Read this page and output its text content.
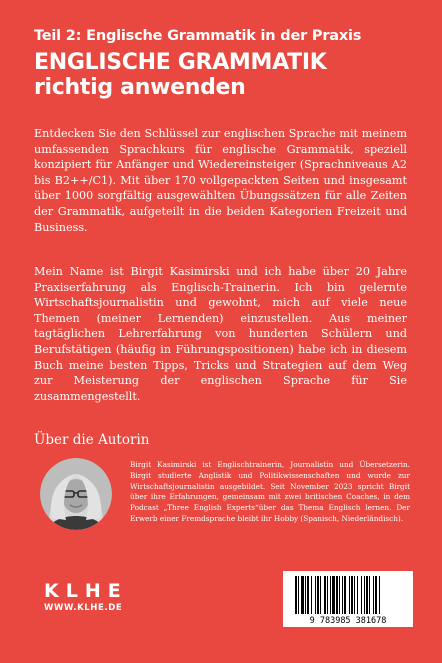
Teil 2: Englische Grammatik in der Praxis
ENGLISCHE GRAMMATIK
richtig anwenden
Entdecken Sie den Schlüssel zur englischen Sprache mit meinem umfassenden Sprachkurs für englische Grammatik, speziell konzipiert für Anfänger und Wiedereinsteiger (Sprachniveaus A2 bis B2++/C1). Mit über 170 vollgepackten Seiten und insgesamt über 1000 sorgfältig ausgewählten Übungssätzen für alle Zeiten der Grammatik, aufgeteilt in die beiden Kategorien Freizeit und Business.
Mein Name ist Birgit Kasimirski und ich habe über 20 Jahre Praxiserfahrung als Englisch-Trainerin. Ich bin gelernte Wirtschaftsjournalistin und gewohnt, mich auf viele neue Themen (meiner Lernenden) einzustellen. Aus meiner tagtäglichen Lehrerfahrung von hunderten Schülern und Berufstätigen (häufig in Führungspositionen) habe ich in diesem Buch meine besten Tipps, Tricks und Strategien auf dem Weg zur Meisterung der englischen Sprache für Sie zusammengestellt.
Über die Autorin
Birgit Kasimirski ist Englischtrainerin, Journalistin und Übersetzerin. Birgit studierte Anglistik und Politikwissenschaften und wurde zur Wirtschaftsjournalistin ausgebildet. Seit November 2023 spricht Birgit über ihre Erfahrungen, gemeinsam mit zwei britischen Coaches, in dem Podcast „Three English Experts“über das Thema Englisch lernen. Der Erwerb einer Fremdsprache bleibt ihr Hobby (Spanisch, Niederländisch).
KLHE
WWW.KLHE.DE
9 783985 381678
